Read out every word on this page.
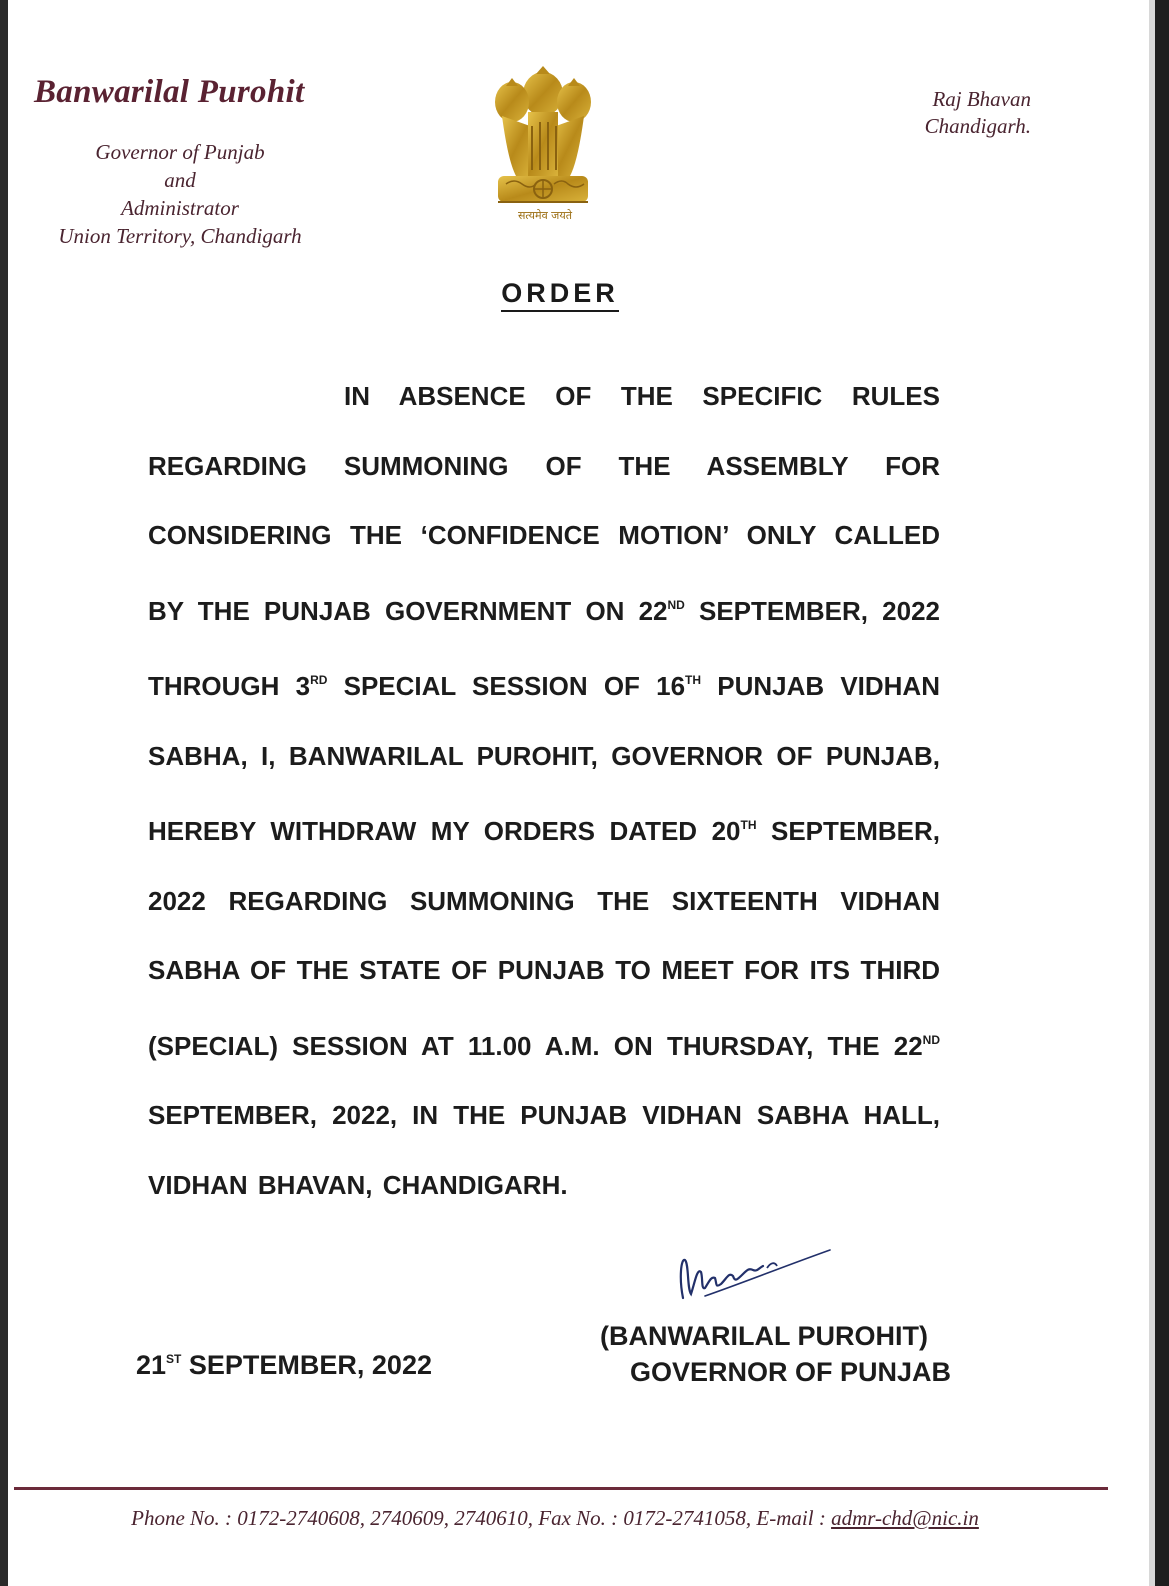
Banwarilal Purohit
Governor of Punjab
and
Administrator
Union Territory, Chandigarh
सत्यमेव जयते
Raj Bhavan
Chandigarh.
ORDER
IN ABSENCE OF THE SPECIFIC RULES REGARDING SUMMONING OF THE ASSEMBLY FOR CONSIDERING THE ‘CONFIDENCE MOTION’ ONLY CALLED BY THE PUNJAB GOVERNMENT ON 22ND SEPTEMBER, 2022 THROUGH 3RD SPECIAL SESSION OF 16TH PUNJAB VIDHAN SABHA, I, BANWARILAL PUROHIT, GOVERNOR OF PUNJAB, HEREBY WITHDRAW MY ORDERS DATED 20TH SEPTEMBER, 2022 REGARDING SUMMONING THE SIXTEENTH VIDHAN SABHA OF THE STATE OF PUNJAB TO MEET FOR ITS THIRD (SPECIAL) SESSION AT 11.00 A.M. ON THURSDAY, THE 22ND SEPTEMBER, 2022, IN THE PUNJAB VIDHAN SABHA HALL, VIDHAN BHAVAN, CHANDIGARH.
(BANWARILAL PUROHIT)
GOVERNOR OF PUNJAB
21ST SEPTEMBER, 2022
Phone No. : 0172-2740608, 2740609, 2740610, Fax No. : 0172-2741058, E-mail : admr-chd@nic.in
